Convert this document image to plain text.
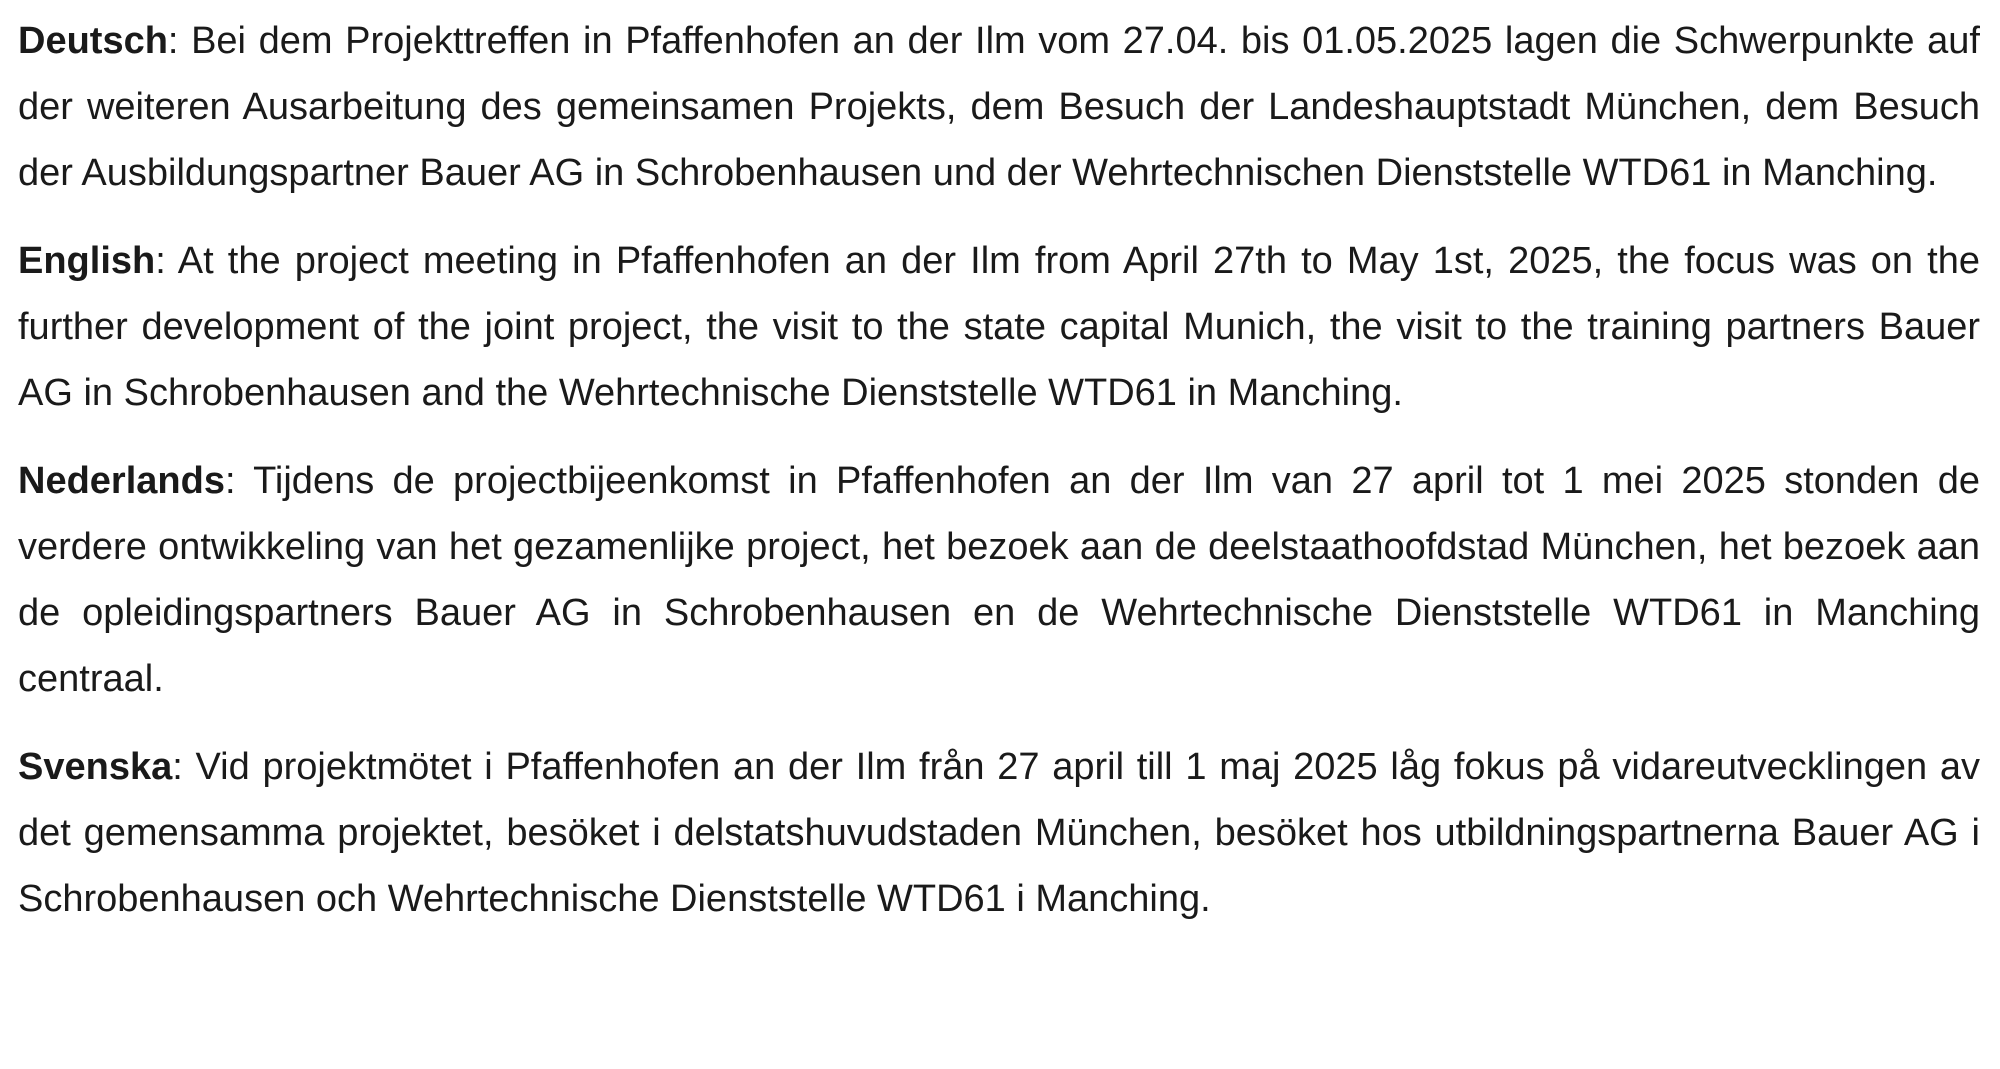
Deutsch: Bei dem Projekttreffen in Pfaffenhofen an der Ilm vom 27.04. bis 01.05.2025 lagen die Schwerpunkte auf der weiteren Ausarbeitung des gemeinsamen Projekts, dem Besuch der Landeshauptstadt München, dem Besuch der Ausbildungspartner Bauer AG in Schrobenhausen und der Wehrtechnischen Dienststelle WTD61 in Manching.

English: At the project meeting in Pfaffenhofen an der Ilm from April 27th to May 1st, 2025, the focus was on the further development of the joint project, the visit to the state capital Munich, the visit to the training partners Bauer AG in Schrobenhausen and the Wehrtechnische Dienststelle WTD61 in Manching.

Nederlands: Tijdens de projectbijeenkomst in Pfaffenhofen an der Ilm van 27 april tot 1 mei 2025 stonden de verdere ontwikkeling van het gezamenlijke project, het bezoek aan de deelstaathoofdstad München, het bezoek aan de opleidingspartners Bauer AG in Schrobenhausen en de Wehrtechnische Dienststelle WTD61 in Manching centraal.

Svenska: Vid projektmötet i Pfaffenhofen an der Ilm från 27 april till 1 maj 2025 låg fokus på vidareutvecklingen av det gemensamma projektet, besöket i delstatshuvudstaden München, besöket hos utbildningspartnerna Bauer AG i Schrobenhausen och Wehrtechnische Dienststelle WTD61 i Manching.
